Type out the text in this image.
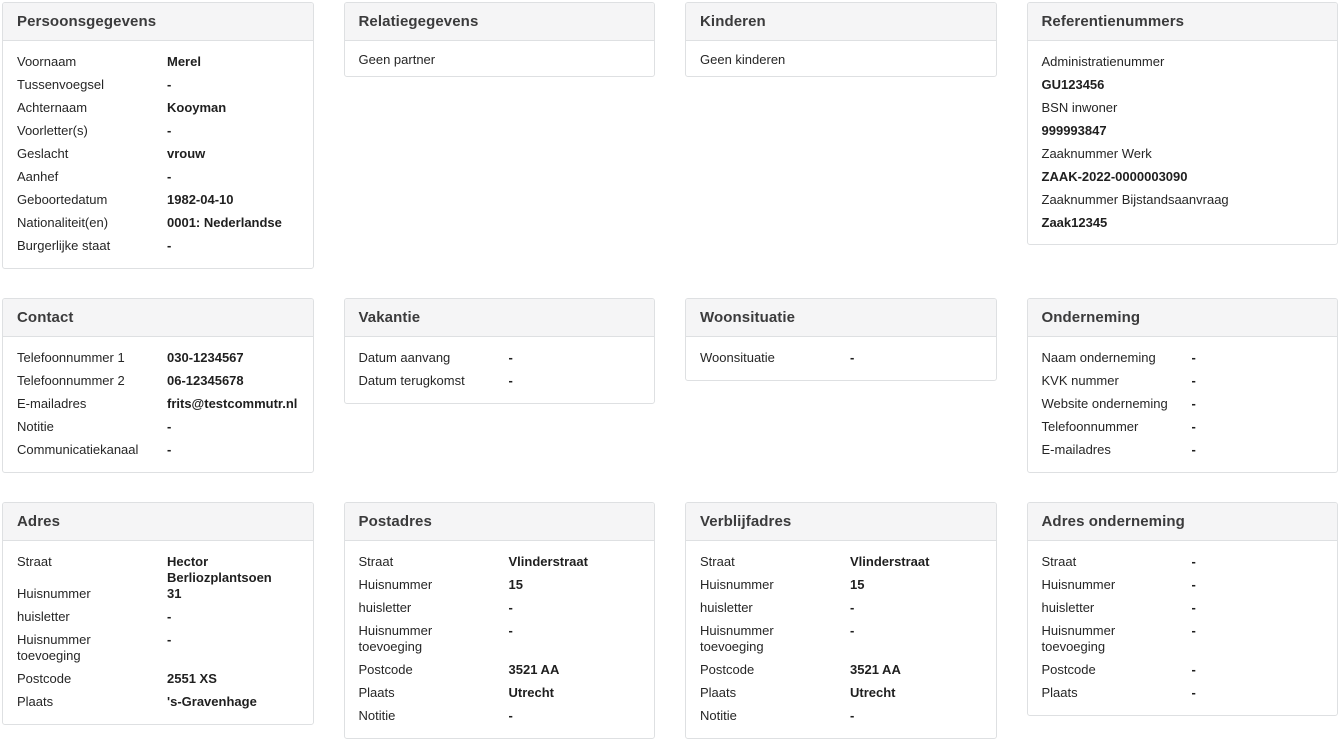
Persoonsgegevens
Voornaam	Merel
Tussenvoegsel	-
Achternaam	Kooyman
Voorletter(s)	-
Geslacht	vrouw
Aanhef	-
Geboortedatum	1982-04-10
Nationaliteit(en)	0001: Nederlandse
Burgerlijke staat	-
Relatiegegevens

Geen partner

Kinderen

Geen kinderen

Referentienummers
Administratienummer
GU123456
BSN inwoner
999993847
Zaaknummer Werk
ZAAK-2022-0000003090
Zaaknummer Bijstandsaanvraag
Zaak12345
Contact
Telefoonnummer 1	030-1234567
Telefoonnummer 2	06-12345678
E-mailadres	frits@testcommutr.nl
Notitie	-
Communicatiekanaal	-
Vakantie
Datum aanvang	-
Datum terugkomst	-
Woonsituatie
Woonsituatie	-
Onderneming
Naam onderneming	-
KVK nummer	-
Website onderneming	-
Telefoonnummer	-
E-mailadres	-
Adres
Straat	Hector Berliozplantsoen
Huisnummer	31
huisletter	-
Huisnummer toevoeging
-
Postcode	2551 XS
Plaats	's-Gravenhage
Postadres
Straat	Vlinderstraat
Huisnummer	15
huisletter	-
Huisnummer toevoeging
-
Postcode	3521 AA
Plaats	Utrecht
Notitie	-
Verblijfadres
Straat	Vlinderstraat
Huisnummer	15
huisletter	-
Huisnummer toevoeging
-
Postcode	3521 AA
Plaats	Utrecht
Notitie	-
Adres onderneming
Straat	-
Huisnummer	-
huisletter	-
Huisnummer toevoeging
-
Postcode	-
Plaats	-
